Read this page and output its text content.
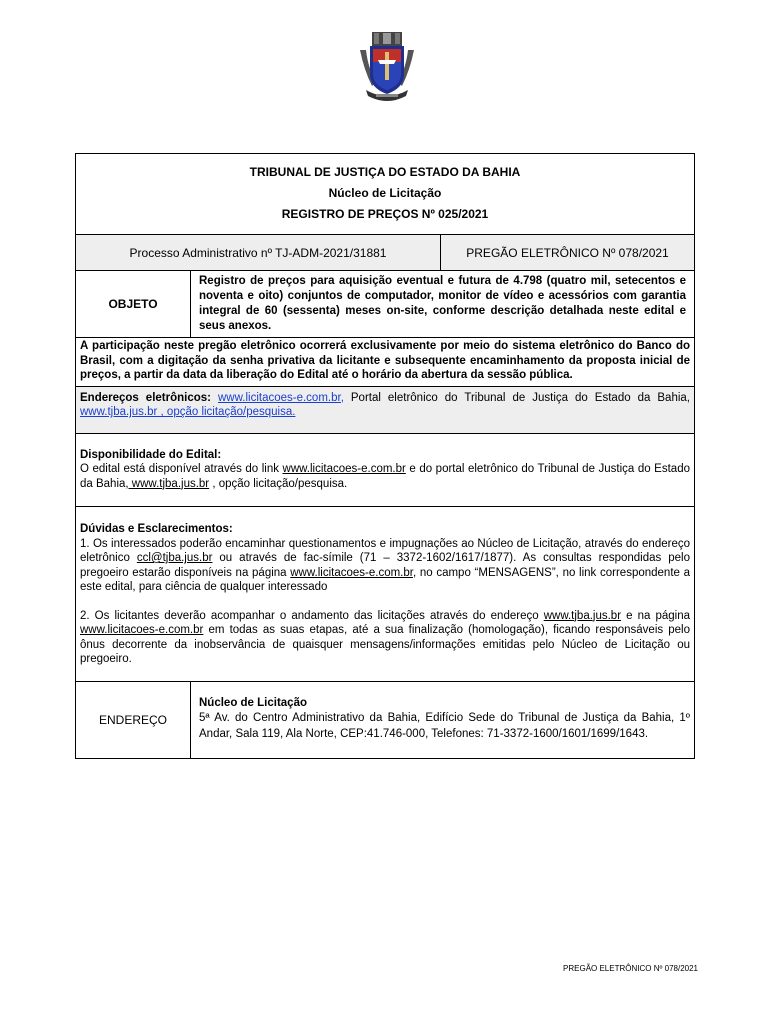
TRIBUNAL DE JUSTIÇA DO ESTADO DA BAHIA
Núcleo de Licitação
REGISTRO DE PREÇOS Nº 025/2021
Processo Administrativo nº TJ-ADM-2021/31881	PREGÃO ELETRÔNICO Nº 078/2021
OBJETO
Registro de preços para aquisição eventual e futura de 4.798 (quatro mil, setecentos e noventa e oito) conjuntos de computador, monitor de vídeo e acessórios com garantia integral de 60 (sessenta) meses on-site, conforme descrição detalhada neste edital e seus anexos.
A participação neste pregão eletrônico ocorrerá exclusivamente por meio do sistema eletrônico do Banco do Brasil, com a digitação da senha privativa da licitante e subsequente encaminhamento da proposta inicial de preços, a partir da data da liberação do Edital até o horário da abertura da sessão pública.
Endereços eletrônicos: www.licitacoes-e.com.br, Portal eletrônico do Tribunal de Justiça do Estado da Bahia, www.tjba.jus.br , opção licitação/pesquisa.
Disponibilidade do Edital:
O edital está disponível através do link www.licitacoes-e.com.br e do portal eletrônico do Tribunal de Justiça do Estado da Bahia, www.tjba.jus.br , opção licitação/pesquisa.
Dúvidas e Esclarecimentos:
1. Os interessados poderão encaminhar questionamentos e impugnações ao Núcleo de Licitação, através do endereço eletrônico ccl@tjba.jus.br ou através de fac-símile (71 – 3372-1602/1617/1877). As consultas respondidas pelo pregoeiro estarão disponíveis na página www.licitacoes-e.com.br, no campo “MENSAGENS”, no link correspondente a este edital, para ciência de qualquer interessado
2. Os licitantes deverão acompanhar o andamento das licitações através do endereço www.tjba.jus.br e na página www.licitacoes-e.com.br em todas as suas etapas, até a sua finalização (homologação), ficando responsáveis pelo ônus decorrente da inobservância de quaisquer mensagens/informações emitidas pelo Núcleo de Licitação ou pregoeiro.
ENDEREÇO
Núcleo de Licitação
5ª Av. do Centro Administrativo da Bahia, Edifício Sede do Tribunal de Justiça da Bahia, 1º Andar, Sala 119, Ala Norte, CEP:41.746-000, Telefones: 71-3372-1600/1601/1699/1643.
PREGÃO ELETRÔNICO Nº 078/2021
